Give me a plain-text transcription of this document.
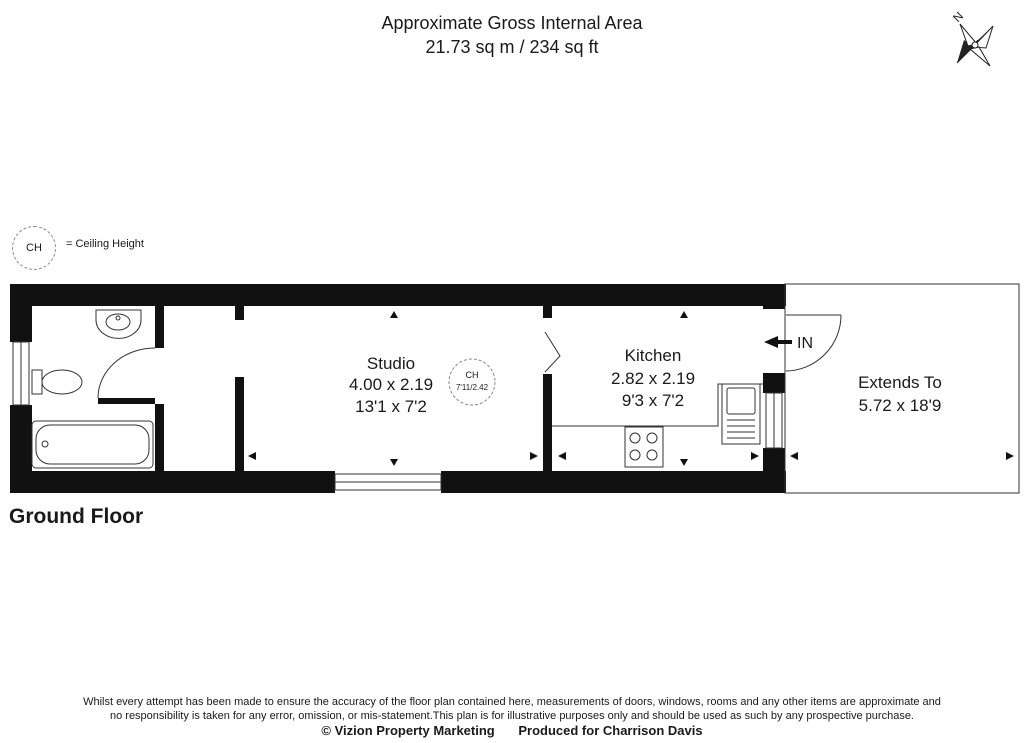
Approximate Gross Internal Area
21.73 sq m / 234 sq ft
CH	= Ceiling Height
N
Studio
4.00 x 2.19
13'1 x 7'2
CH
7'11/2.42
Kitchen
2.82 x 2.19
9'3 x 7'2
Extends To
5.72 x 18'9
IN
Ground Floor
Whilst every attempt has been made to ensure the accuracy of the floor plan contained here, measurements of doors, windows, rooms and any other items are approximate and
no responsibility is taken for any error, omission, or mis-statement.This plan is for illustrative purposes only and should be used as such by any prospective purchase.
© Vizion Property Marketing Produced for Charrison Davis
